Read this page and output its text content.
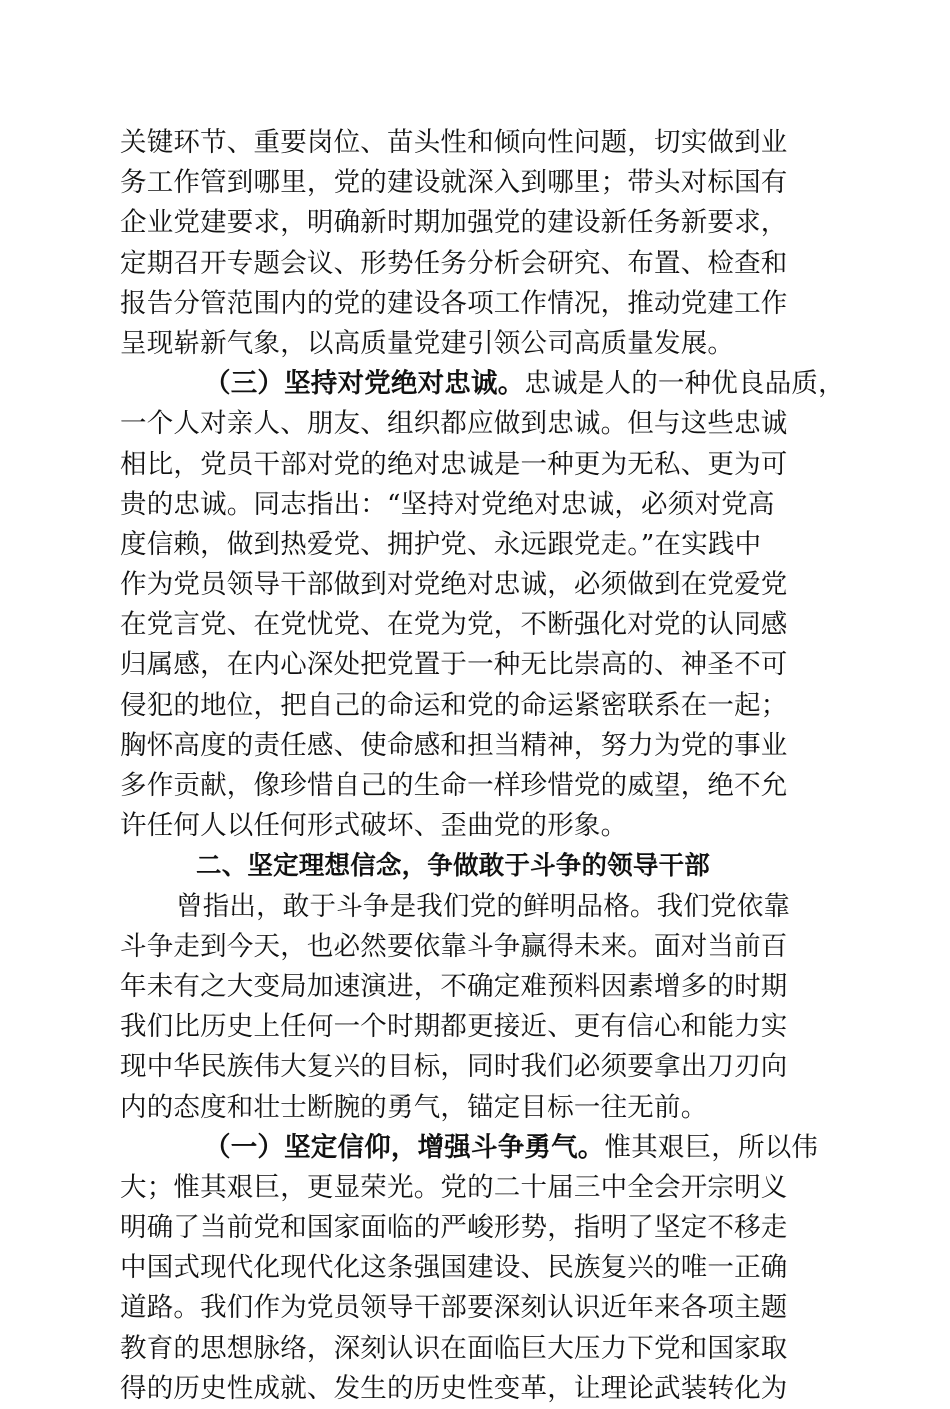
关键环节、重要岗位、苗头性和倾向性问题，切实做到业
务工作管到哪里，党的建设就深入到哪里；带头对标国有
企业党建要求，明确新时期加强党的建设新任务新要求，
定期召开专题会议、形势任务分析会研究、布置、检查和
报告分管范围内的党的建设各项工作情况，推动党建工作
呈现崭新气象，以高质量党建引领公司高质量发展。
（三）坚持对党绝对忠诚。忠诚是人的一种优良品质，
一个人对亲人、朋友、组织都应做到忠诚。但与这些忠诚
相比，党员干部对党的绝对忠诚是一种更为无私、更为可
贵的忠诚。同志指出：“坚持对党绝对忠诚，必须对党高
度信赖，做到热爱党、拥护党、永远跟党走。”在实践中
作为党员领导干部做到对党绝对忠诚，必须做到在党爱党
在党言党、在党忧党、在党为党，不断强化对党的认同感
归属感，在内心深处把党置于一种无比崇高的、神圣不可
侵犯的地位，把自己的命运和党的命运紧密联系在一起；
胸怀高度的责任感、使命感和担当精神，努力为党的事业
多作贡献，像珍惜自己的生命一样珍惜党的威望，绝不允
许任何人以任何形式破坏、歪曲党的形象。
二、坚定理想信念，争做敢于斗争的领导干部
曾指出，敢于斗争是我们党的鲜明品格。我们党依靠
斗争走到今天，也必然要依靠斗争赢得未来。面对当前百
年未有之大变局加速演进，不确定难预料因素增多的时期
我们比历史上任何一个时期都更接近、更有信心和能力实
现中华民族伟大复兴的目标，同时我们必须要拿出刀刃向
内的态度和壮士断腕的勇气，锚定目标一往无前。
（一）坚定信仰，增强斗争勇气。惟其艰巨，所以伟
大；惟其艰巨，更显荣光。党的二十届三中全会开宗明义
明确了当前党和国家面临的严峻形势，指明了坚定不移走
中国式现代化现代化这条强国建设、民族复兴的唯一正确
道路。我们作为党员领导干部要深刻认识近年来各项主题
教育的思想脉络，深刻认识在面临巨大压力下党和国家取
得的历史性成就、发生的历史性变革，让理论武装转化为
